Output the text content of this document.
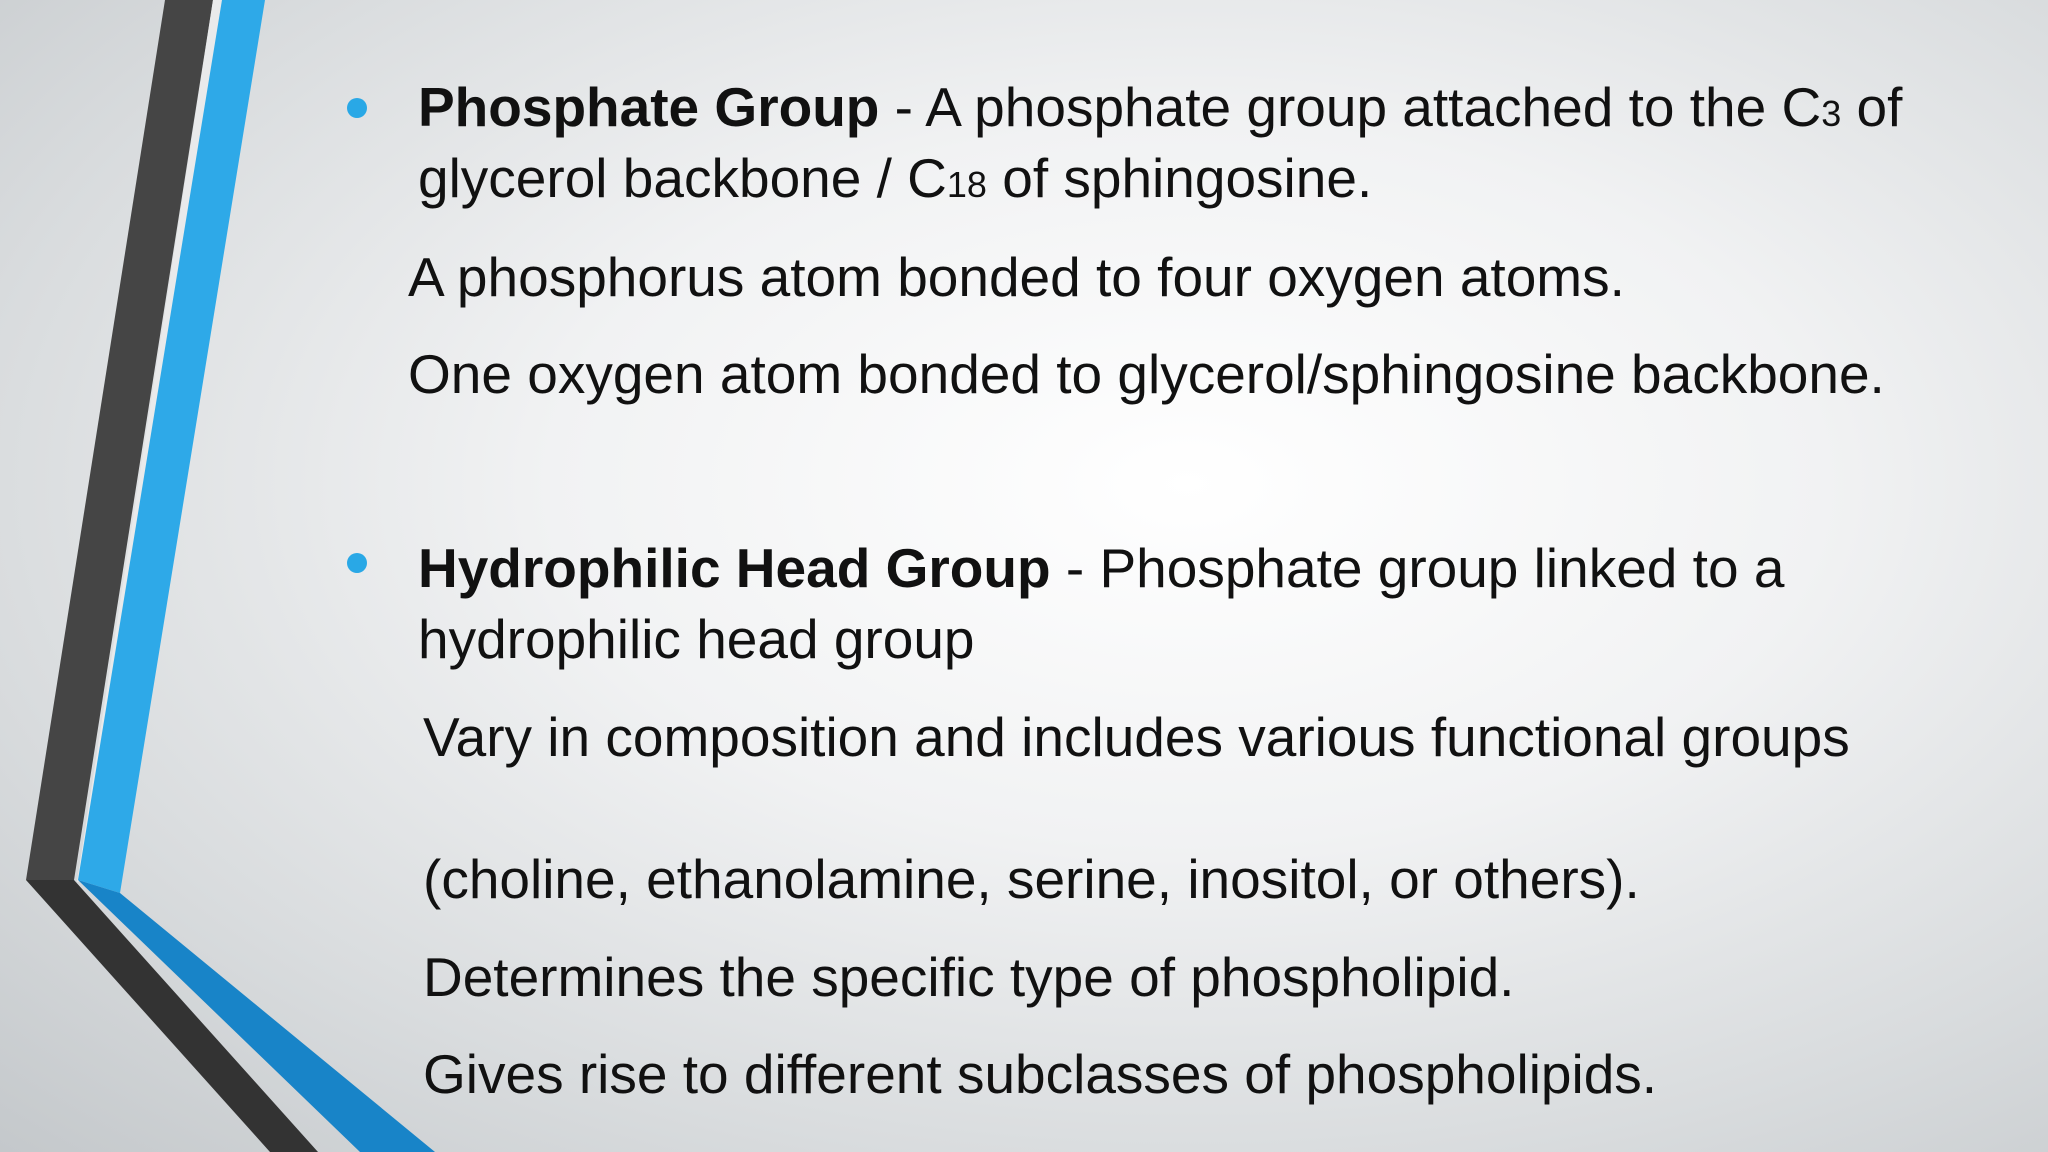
Phosphate Group - A phosphate group attached to the C3 of
glycerol backbone / C18 of sphingosine.
A phosphorus atom bonded to four oxygen atoms.
One oxygen atom bonded to glycerol/sphingosine backbone.
Hydrophilic Head Group - Phosphate group linked to a
hydrophilic head group
Vary in composition and includes various functional groups
(choline, ethanolamine, serine, inositol, or others).
Determines the specific type of phospholipid.
Gives rise to different subclasses of phospholipids.
